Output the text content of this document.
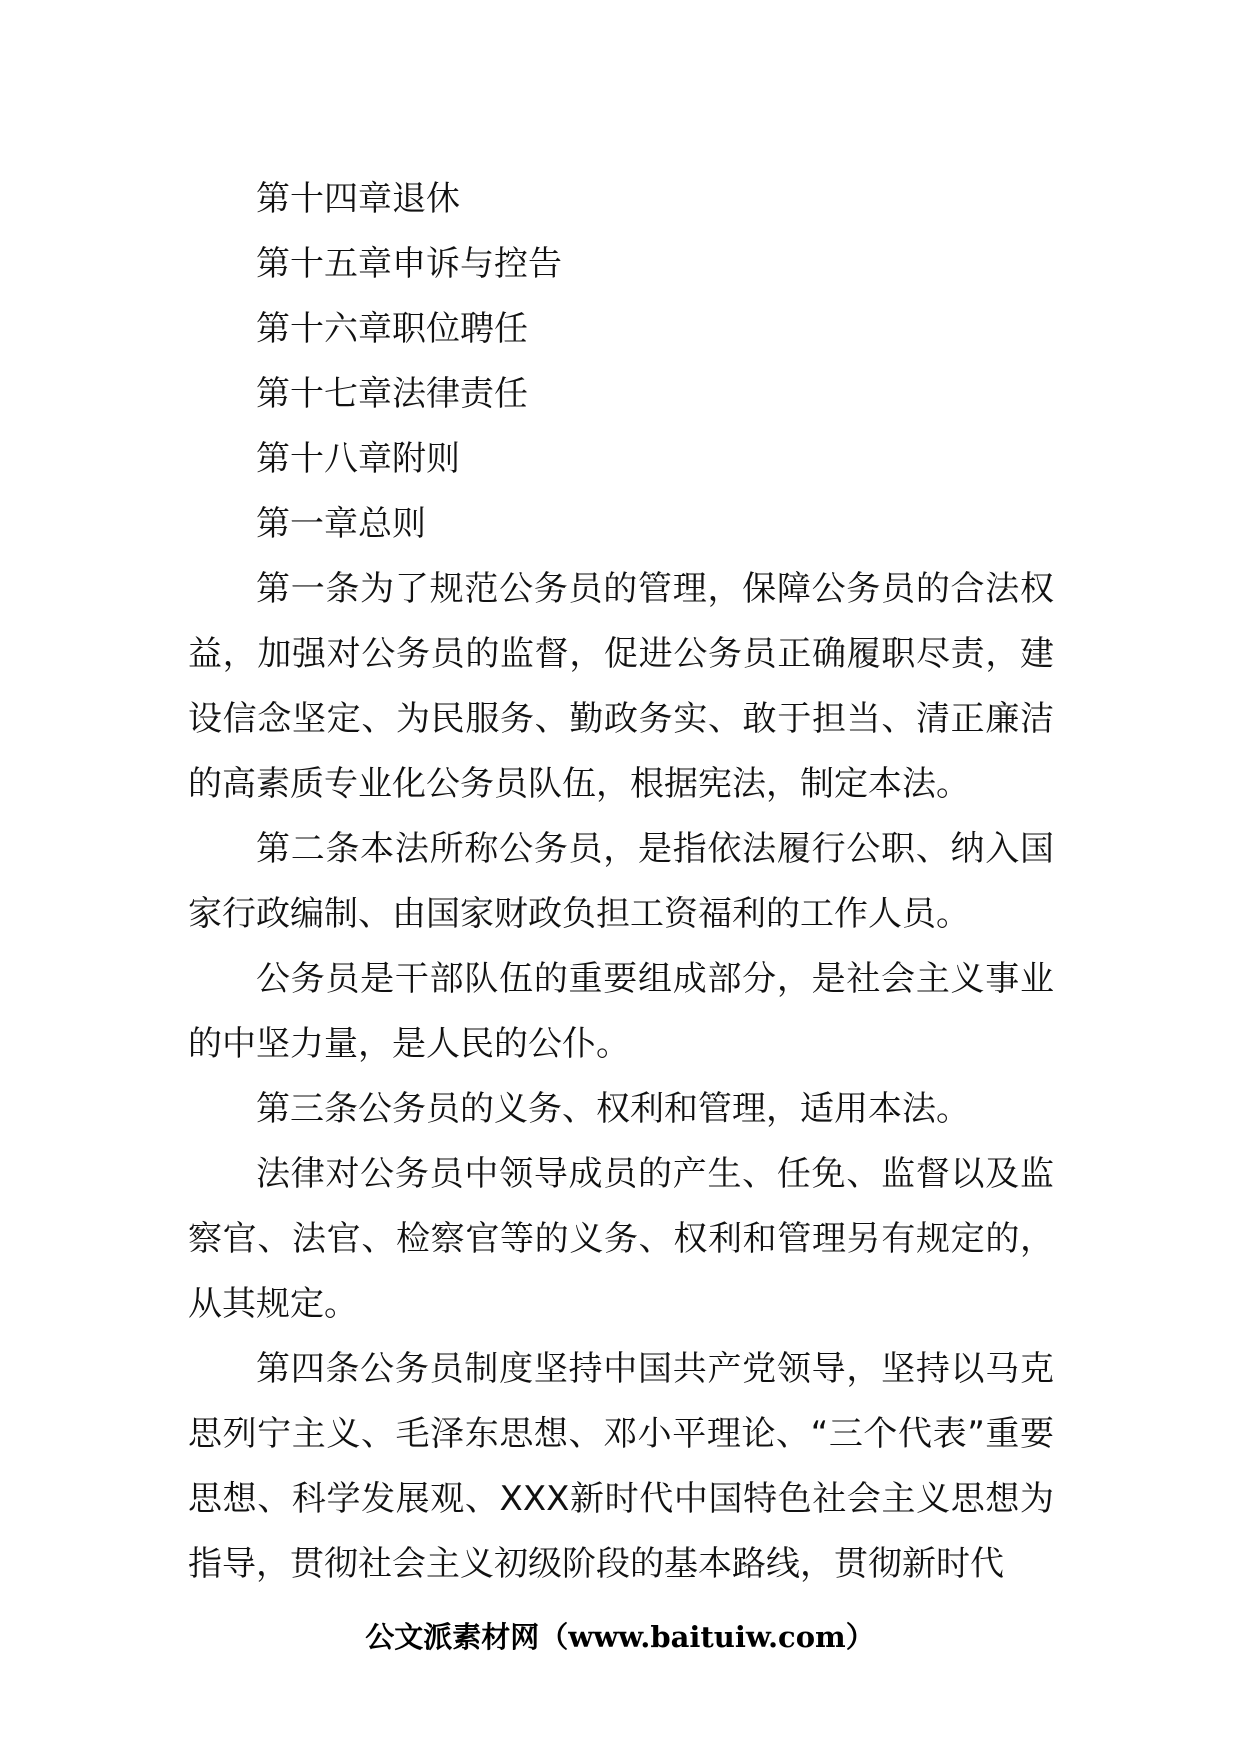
第十四章退休

第十五章申诉与控告

第十六章职位聘任

第十七章法律责任

第十八章附则

第一章总则

第一条为了规范公务员的管理，保障公务员的合法权益，加强对公务员的监督，促进公务员正确履职尽责，建设信念坚定、为民服务、勤政务实、敢于担当、清正廉洁的高素质专业化公务员队伍，根据宪法，制定本法。

第二条本法所称公务员，是指依法履行公职、纳入国家行政编制、由国家财政负担工资福利的工作人员。

公务员是干部队伍的重要组成部分，是社会主义事业的中坚力量，是人民的公仆。

第三条公务员的义务、权利和管理，适用本法。

法律对公务员中领导成员的产生、任免、监督以及监察官、法官、检察官等的义务、权利和管理另有规定的，从其规定。

第四条公务员制度坚持中国共产党领导，坚持以马克思列宁主义、毛泽东思想、邓小平理论、“三个代表”重要思想、科学发展观、XXX新时代中国特色社会主义思想为指导，贯彻社会主义初级阶段的基本路线，贯彻新时代

公文派素材网（www.baituiw.com）
